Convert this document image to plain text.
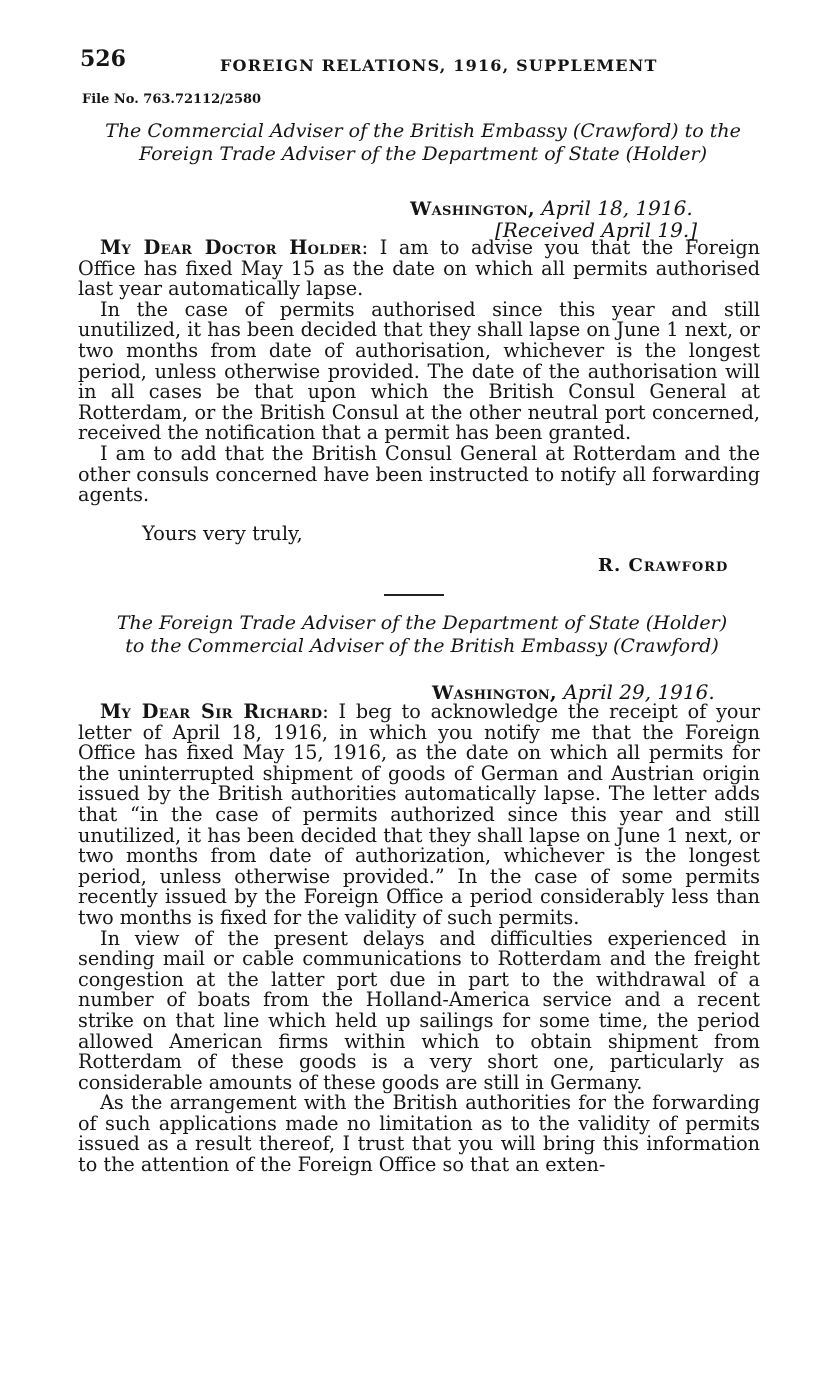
526	FOREIGN RELATIONS, 1916, SUPPLEMENT
File No. 763.72112/2580
The Commercial Adviser of the British Embassy (Crawford) to the
Foreign Trade Adviser of the Department of State (Holder)
Washington, April 18, 1916.
[Received April 19.]

My Dear Doctor Holder: I am to advise you that the Foreign Office has fixed May 15 as the date on which all permits authorised last year automatically lapse.

In the case of permits authorised since this year and still unutilized, it has been decided that they shall lapse on June 1 next, or two months from date of authorisation, whichever is the longest period, unless otherwise provided. The date of the authorisation will in all cases be that upon which the British Consul General at Rotterdam, or the British Consul at the other neutral port concerned, received the notification that a permit has been granted.

I am to add that the British Consul General at Rotterdam and the other consuls concerned have been instructed to notify all forwarding agents.

Yours very truly,
R. Crawford
The Foreign Trade Adviser of the Department of State (Holder)
to the Commercial Adviser of the British Embassy (Crawford)
Washington, April 29, 1916.

My Dear Sir Richard: I beg to acknowledge the receipt of your letter of April 18, 1916, in which you notify me that the Foreign Office has fixed May 15, 1916, as the date on which all permits for the uninterrupted shipment of goods of German and Austrian origin issued by the British authorities automatically lapse. The letter adds that “in the case of permits authorized since this year and still unutilized, it has been decided that they shall lapse on June 1 next, or two months from date of authorization, whichever is the longest period, unless otherwise provided.” In the case of some permits recently issued by the Foreign Office a period considerably less than two months is fixed for the validity of such permits.

In view of the present delays and difficulties experienced in sending mail or cable communications to Rotterdam and the freight congestion at the latter port due in part to the withdrawal of a number of boats from the Holland-America service and a recent strike on that line which held up sailings for some time, the period allowed American firms within which to obtain shipment from Rotterdam of these goods is a very short one, particularly as considerable amounts of these goods are still in Germany.

As the arrangement with the British authorities for the forwarding of such applications made no limitation as to the validity of permits issued as a result thereof, I trust that you will bring this information to the attention of the Foreign Office so that an exten-
